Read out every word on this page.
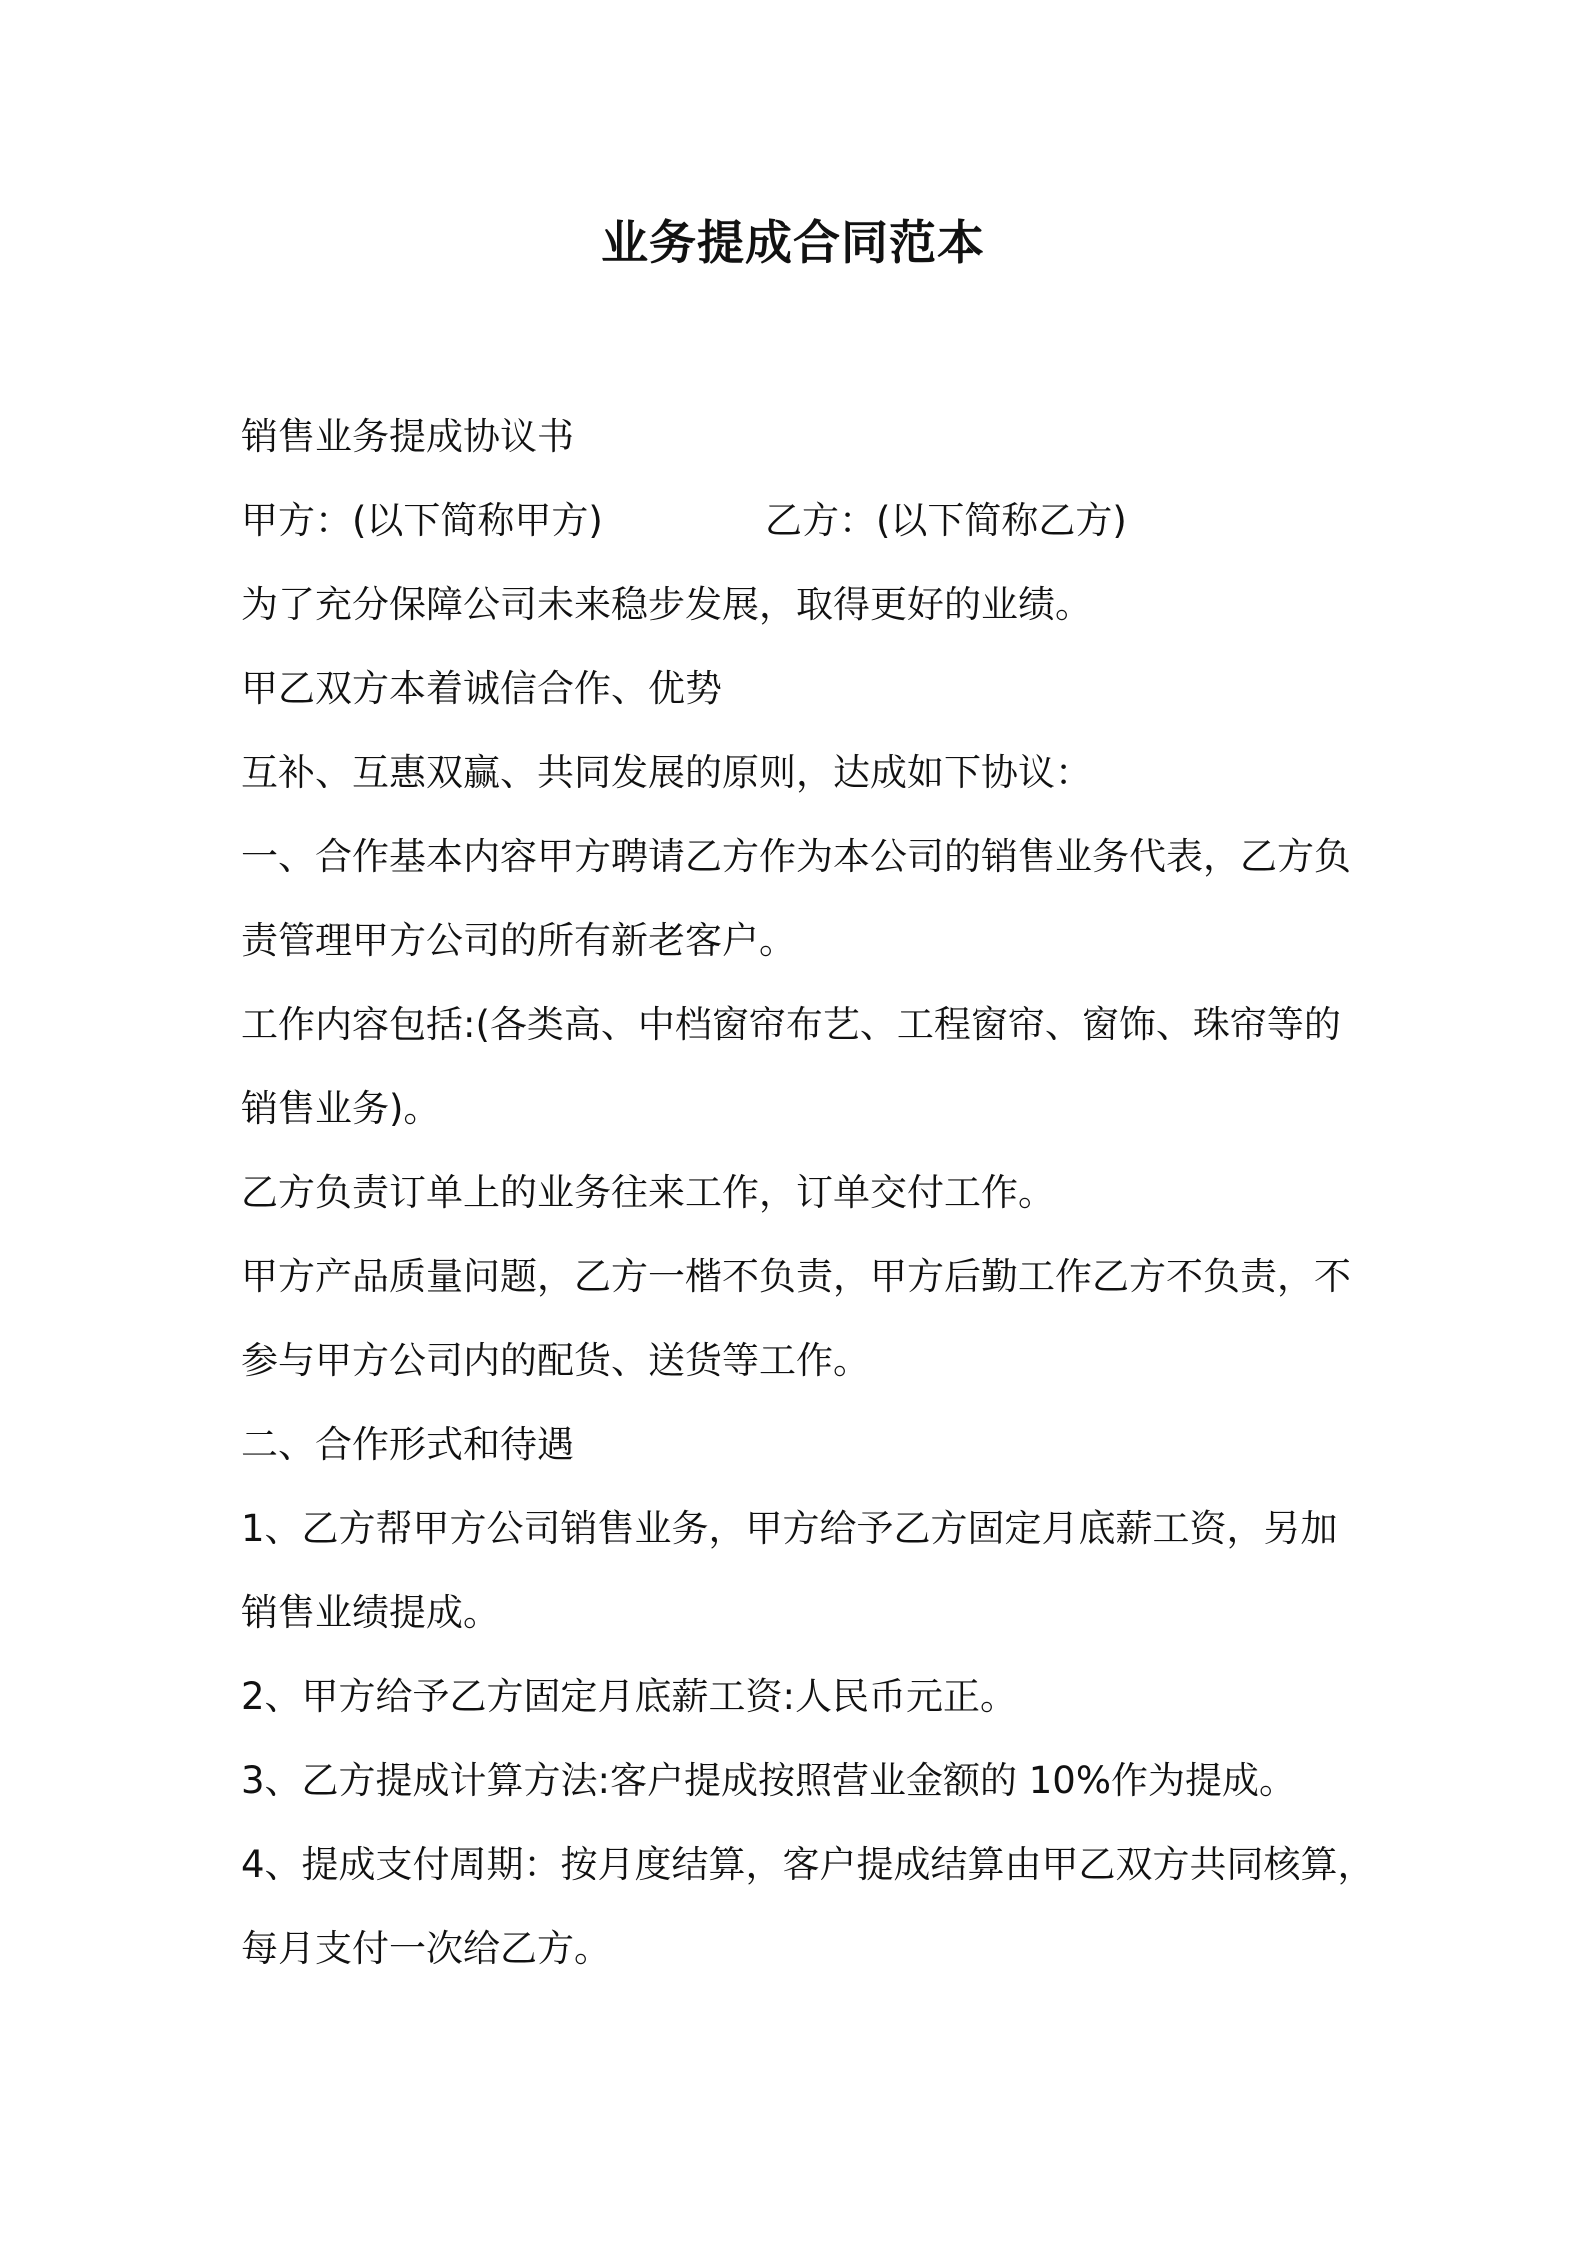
业务提成合同范本
销售业务提成协议书
甲方：(以下简称甲方)	乙方：(以下简称乙方)
为了充分保障公司未来稳步发展，取得更好的业绩。
甲乙双方本着诚信合作、优势
互补、互惠双赢、共同发展的原则，达成如下协议：
一、合作基本内容甲方聘请乙方作为本公司的销售业务代表，乙方负
责管理甲方公司的所有新老客户。
工作内容包括:(各类高、中档窗帘布艺、工程窗帘、窗饰、珠帘等的
销售业务)。
乙方负责订单上的业务往来工作，订单交付工作。
甲方产品质量问题，乙方一楷不负责，甲方后勤工作乙方不负责，不
参与甲方公司内的配货、送货等工作。
二、合作形式和待遇
1、乙方帮甲方公司销售业务，甲方给予乙方固定月底薪工资，另加
销售业绩提成。
2、甲方给予乙方固定月底薪工资:人民币元正。
3、乙方提成计算方法:客户提成按照营业金额的 10%作为提成。
4、提成支付周期：按月度结算，客户提成结算由甲乙双方共同核算，
每月支付一次给乙方。
